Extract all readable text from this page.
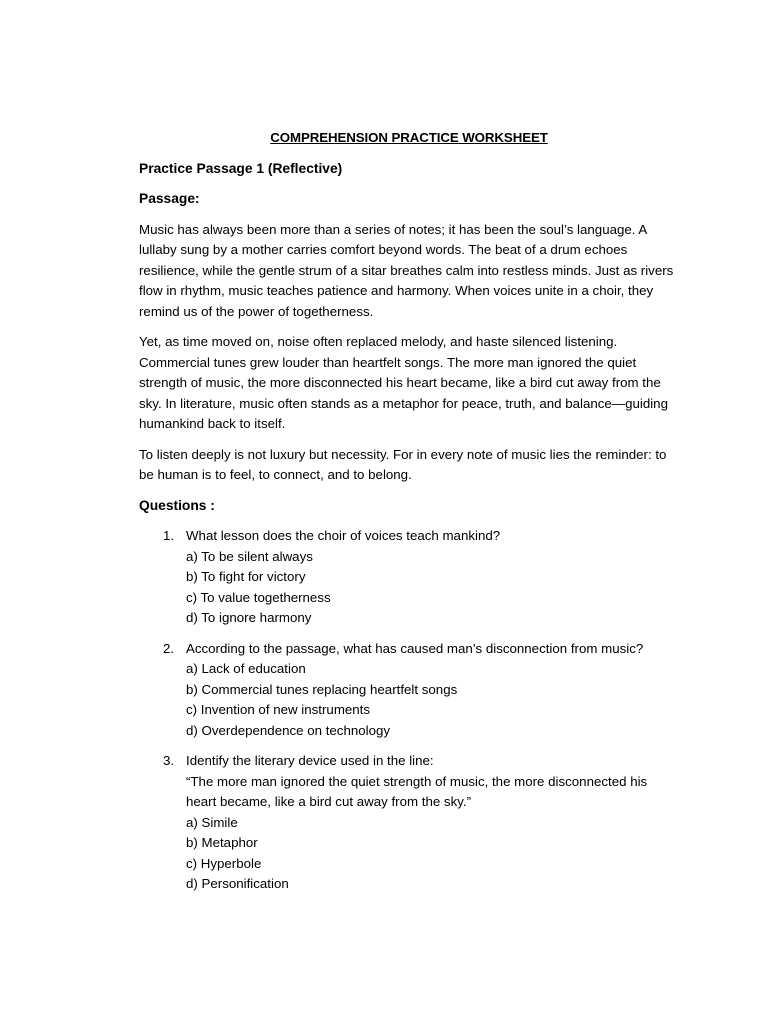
COMPREHENSION PRACTICE WORKSHEET
Practice Passage 1 (Reflective)
Passage:
Music has always been more than a series of notes; it has been the soul’s language. A lullaby sung by a mother carries comfort beyond words. The beat of a drum echoes resilience, while the gentle strum of a sitar breathes calm into restless minds. Just as rivers flow in rhythm, music teaches patience and harmony. When voices unite in a choir, they remind us of the power of togetherness.
Yet, as time moved on, noise often replaced melody, and haste silenced listening. Commercial tunes grew louder than heartfelt songs. The more man ignored the quiet strength of music, the more disconnected his heart became, like a bird cut away from the sky. In literature, music often stands as a metaphor for peace, truth, and balance—guiding humankind back to itself.
To listen deeply is not luxury but necessity. For in every note of music lies the reminder: to be human is to feel, to connect, and to belong.
Questions :
1. What lesson does the choir of voices teach mankind?
a) To be silent always
b) To fight for victory
c) To value togetherness
d) To ignore harmony
2. According to the passage, what has caused man’s disconnection from music?
a) Lack of education
b) Commercial tunes replacing heartfelt songs
c) Invention of new instruments
d) Overdependence on technology
3. Identify the literary device used in the line:
“The more man ignored the quiet strength of music, the more disconnected his heart became, like a bird cut away from the sky.”
a) Simile
b) Metaphor
c) Hyperbole
d) Personification
